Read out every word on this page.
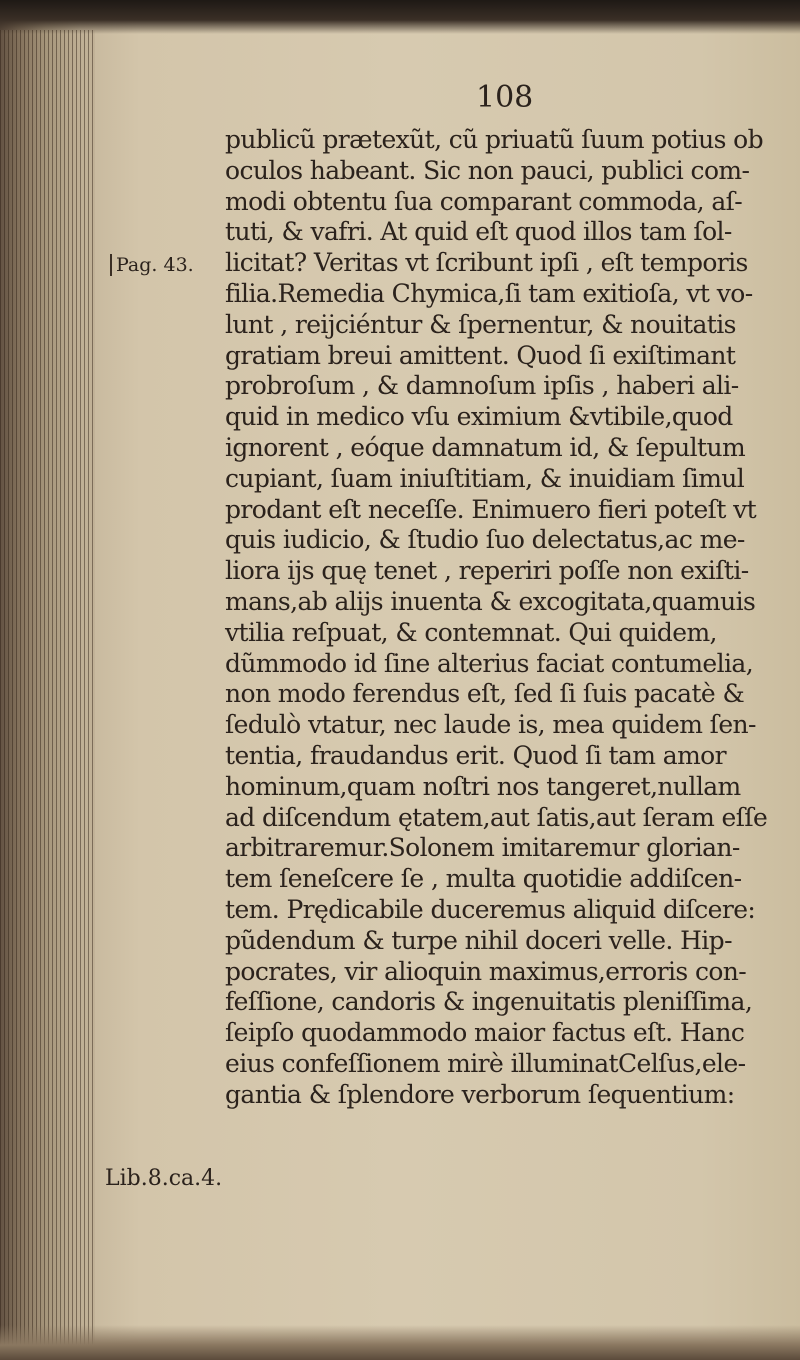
108
Pag. 43.
Lib.8.ca.4.
publicũ prætexũt, cũ priuatũ ſuum potius ob
oculos habeant. Sic non pauci, publici com-
modi obtentu ſua comparant commoda, aſ-
tuti, & vafri. At quid eſt quod illos tam ſol-
licitat? Veritas vt ſcribunt ipſi , eſt temporis
filia.Remedia Chymica,ſi tam exitioſa, vt vo-
lunt , reijciéntur & ſpernentur, & nouitatis
gratiam breui amittent. Quod ſi exiſtimant
probroſum , & damnoſum ipſis , haberi ali-
quid in medico vſu eximium &vtibile,quod
ignorent , eóque damnatum id, & ſepultum
cupiant, ſuam iniuſtitiam, & inuidiam ſimul
prodant eſt neceſſe. Enimuero fieri poteſt vt
quis iudicio, & ſtudio ſuo delectatus,ac me-
liora ijs quę tenet , reperiri poſſe non exiſti-
mans,ab alijs inuenta & excogitata,quamuis
vtilia reſpuat, & contemnat. Qui quidem,
dũmmodo id ſine alterius faciat contumelia,
non modo ferendus eſt, ſed ſi ſuis pacatè &
ſedulò vtatur, nec laude is, mea quidem ſen-
tentia, fraudandus erit. Quod ſi tam amor
hominum,quam noſtri nos tangeret,nullam
ad diſcendum ętatem,aut ſatis,aut ſeram eſſe
arbitraremur.Solonem imitaremur glorian-
tem ſeneſcere ſe , multa quotidie addiſcen-
tem. Prędicabile duceremus aliquid diſcere:
pũdendum & turpe nihil doceri velle. Hip-
pocrates, vir alioquin maximus,erroris con-
feſſione, candoris & ingenuitatis pleniſſima,
ſeipſo quodammodo maior factus eſt. Hanc
eius confeſſionem mirè illuminatCelſus,ele-
gantia & ſplendore verborum ſequentium:
